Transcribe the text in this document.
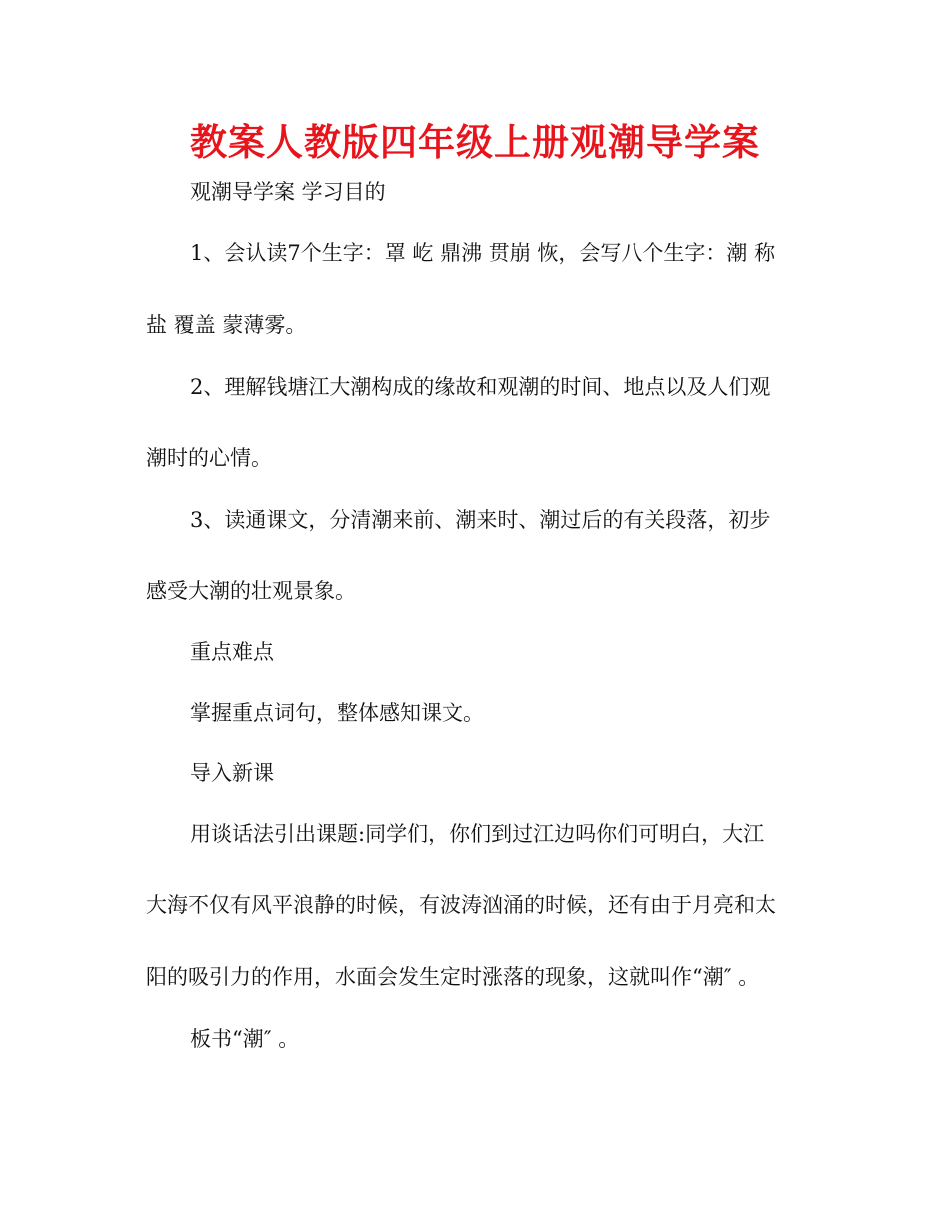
教案人教版四年级上册观潮导学案
观潮导学案 学习目的
1、会认读7个生字：罩 屹 鼎沸 贯崩 恢，会写八个生字：潮 称
盐 覆盖 蒙薄雾。
2、理解钱塘江大潮构成的缘故和观潮的时间、地点以及人们观
潮时的心情。
3、读通课文，分清潮来前、潮来时、潮过后的有关段落，初步
感受大潮的壮观景象。
重点难点
掌握重点词句，整体感知课文。
导入新课
用谈话法引出课题:同学们，你们到过江边吗你们可明白，大江
大海不仅有风平浪静的时候，有波涛汹涌的时候，还有由于月亮和太
阳的吸引力的作用，水面会发生定时涨落的现象，这就叫作“潮″ 。
板书“潮″ 。
